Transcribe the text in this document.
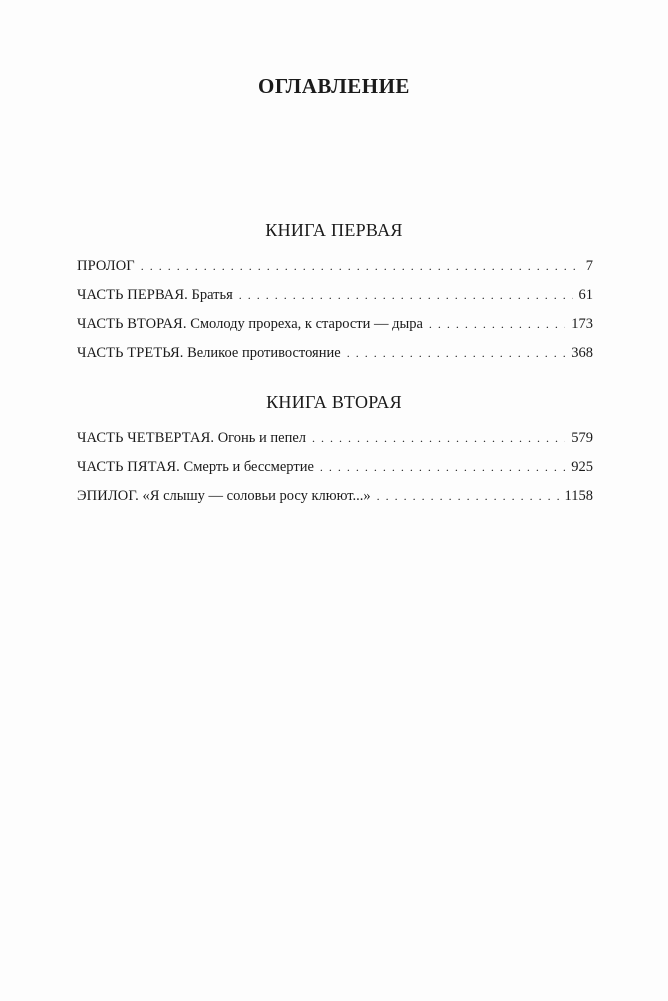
ОГЛАВЛЕНИЕ
КНИГА ПЕРВАЯ
ПРОЛОГ . . .	7
ЧАСТЬ ПЕРВАЯ. Братья . . .	61
ЧАСТЬ ВТОРАЯ. Смолоду прореха, к старости — дыра . . .	173
ЧАСТЬ ТРЕТЬЯ. Великое противостояние . . .	368
КНИГА ВТОРАЯ
ЧАСТЬ ЧЕТВЕРТАЯ. Огонь и пепел . . .	579
ЧАСТЬ ПЯТАЯ. Смерть и бессмертие . . .	925
ЭПИЛОГ. «Я слышу — соловьи росу клюют...» . . .	1158
